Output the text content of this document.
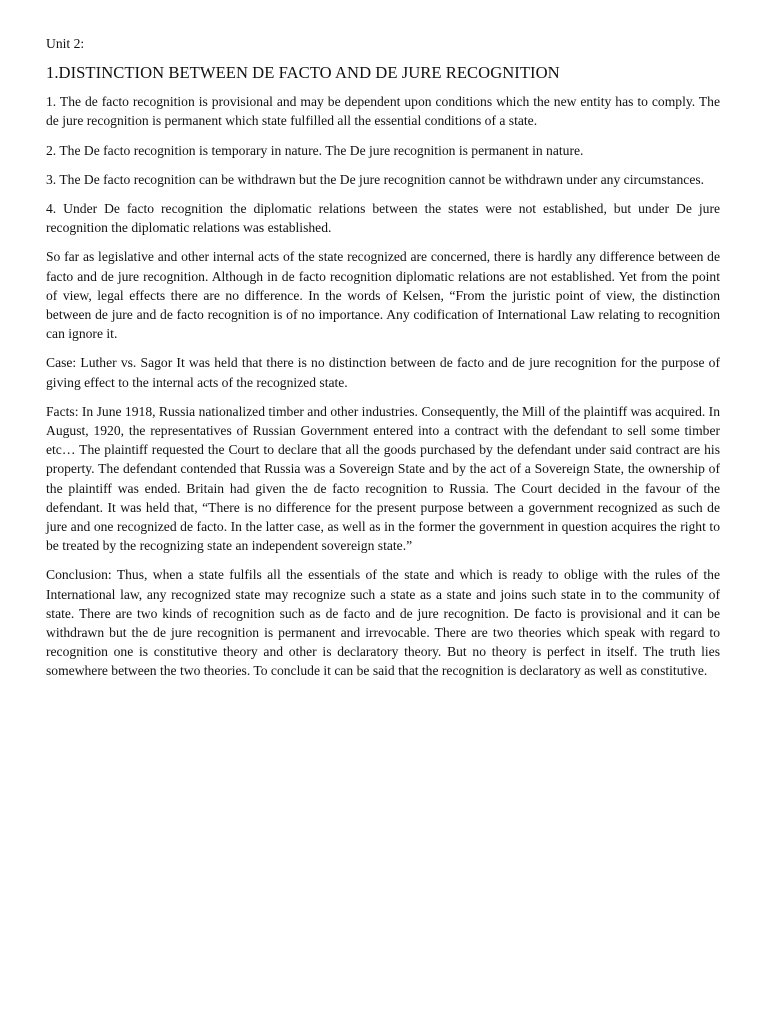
Unit 2:
1.DISTINCTION BETWEEN DE FACTO AND DE JURE RECOGNITION

1. The de facto recognition is provisional and may be dependent upon conditions which the new entity has to comply. The de jure recognition is permanent which state fulfilled all the essential conditions of a state.

2. The De facto recognition is temporary in nature. The De jure recognition is permanent in nature.

3. The De facto recognition can be withdrawn but the De jure recognition cannot be withdrawn under any circumstances.

4. Under De facto recognition the diplomatic relations between the states were not established, but under De jure recognition the diplomatic relations was established.

So far as legislative and other internal acts of the state recognized are concerned, there is hardly any difference between de facto and de jure recognition. Although in de facto recognition diplomatic relations are not established. Yet from the point of view, legal effects there are no difference. In the words of Kelsen, “From the juristic point of view, the distinction between de jure and de facto recognition is of no importance. Any codification of International Law relating to recognition can ignore it.

Case: Luther vs. Sagor It was held that there is no distinction between de facto and de jure recognition for the purpose of giving effect to the internal acts of the recognized state.

Facts: In June 1918, Russia nationalized timber and other industries. Consequently, the Mill of the plaintiff was acquired. In August, 1920, the representatives of Russian Government entered into a contract with the defendant to sell some timber etc… The plaintiff requested the Court to declare that all the goods purchased by the defendant under said contract are his property. The defendant contended that Russia was a Sovereign State and by the act of a Sovereign State, the ownership of the plaintiff was ended. Britain had given the de facto recognition to Russia. The Court decided in the favour of the defendant. It was held that, “There is no difference for the present purpose between a government recognized as such de jure and one recognized de facto. In the latter case, as well as in the former the government in question acquires the right to be treated by the recognizing state an independent sovereign state.”

Conclusion: Thus, when a state fulfils all the essentials of the state and which is ready to oblige with the rules of the International law, any recognized state may recognize such a state as a state and joins such state in to the community of state. There are two kinds of recognition such as de facto and de jure recognition. De facto is provisional and it can be withdrawn but the de jure recognition is permanent and irrevocable. There are two theories which speak with regard to recognition one is constitutive theory and other is declaratory theory. But no theory is perfect in itself. The truth lies somewhere between the two theories. To conclude it can be said that the recognition is declaratory as well as constitutive.
